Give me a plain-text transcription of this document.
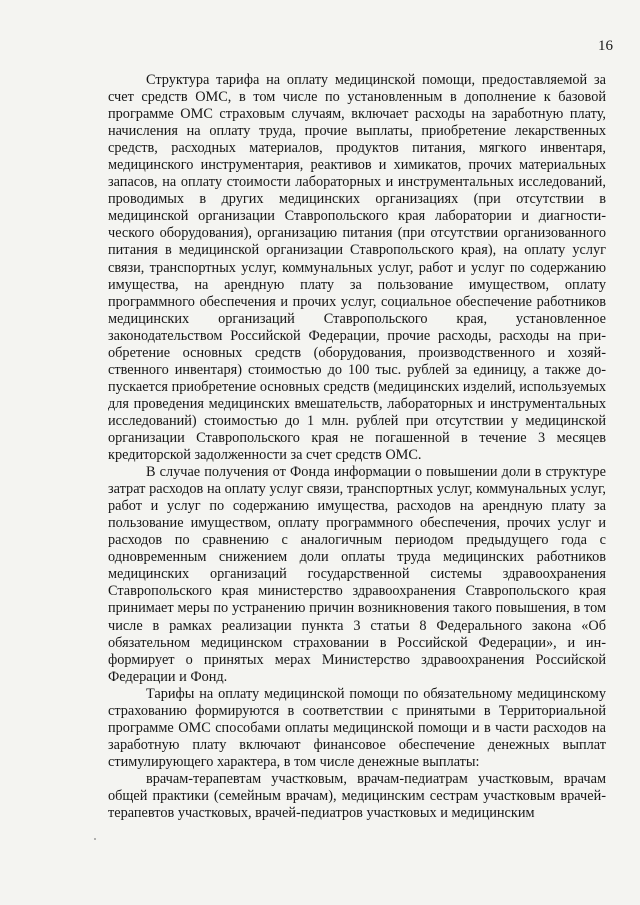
16

Структура тарифа на оплату медицинской помощи, предоставляемой за счет средств ОМС, в том числе по установленным в дополнение к базовой программе ОМС страховым случаям, включает расходы на заработную плату, начисления на оплату труда, прочие выплаты, приобретение лекарственных средств, расходных материалов, продуктов питания, мягкого инвентаря, медицинского инструментария, реактивов и химикатов, прочих материальных запасов, на оплату стоимости лабораторных и инструментальных исследований, проводимых в других медицинских организациях (при отсутствии в медицинской организации Ставропольского края лаборатории и диагностического оборудования), организацию питания (при отсутствии организованного питания в медицинской организации Ставропольского края), на оплату услуг связи, транспортных услуг, коммунальных услуг, работ и услуг по содержанию имущества, на арендную плату за пользование имуществом, оплату программного обеспечения и прочих услуг, социальное обеспечение работников медицинских организаций Ставропольского края, установленное законодательством Российской Федерации, прочие расходы, расходы на приобретение основных средств (оборудования, производственного и хозяйственного инвентаря) стоимостью до 100 тыс. рублей за единицу, а также допускается приобретение основных средств (медицинских изделий, используемых для проведения медицинских вмешательств, лабораторных и инструментальных исследований) стоимостью до 1 млн. рублей при отсутствии у медицинской организации Ставропольского края не погашенной в течение 3 месяцев кредиторской задолженности за счет средств ОМС.

В случае получения от Фонда информации о повышении доли в структуре затрат расходов на оплату услуг связи, транспортных услуг, коммунальных услуг, работ и услуг по содержанию имущества, расходов на арендную плату за пользование имуществом, оплату программного обеспечения, прочих услуг и расходов по сравнению с аналогичным периодом предыдущего года с одновременным снижением доли оплаты труда медицинских работников медицинских организаций государственной системы здравоохранения Ставропольского края министерство здравоохранения Ставропольского края принимает меры по устранению причин возникновения такого повышения, в том числе в рамках реализации пункта 3 статьи 8 Федерального закона «Об обязательном медицинском страховании в Российской Федерации», и информирует о принятых мерах Министерство здравоохранения Российской Федерации и Фонд.

Тарифы на оплату медицинской помощи по обязательному медицинскому страхованию формируются в соответствии с принятыми в Территориальной программе ОМС способами оплаты медицинской помощи и в части расходов на заработную плату включают финансовое обеспечение денежных выплат стимулирующего характера, в том числе денежные выплаты:

врачам-терапевтам участковым, врачам-педиатрам участковым, врачам общей практики (семейным врачам), медицинским сестрам участковым врачей-терапевтов участковых, врачей-педиатров участковых и медицинским
